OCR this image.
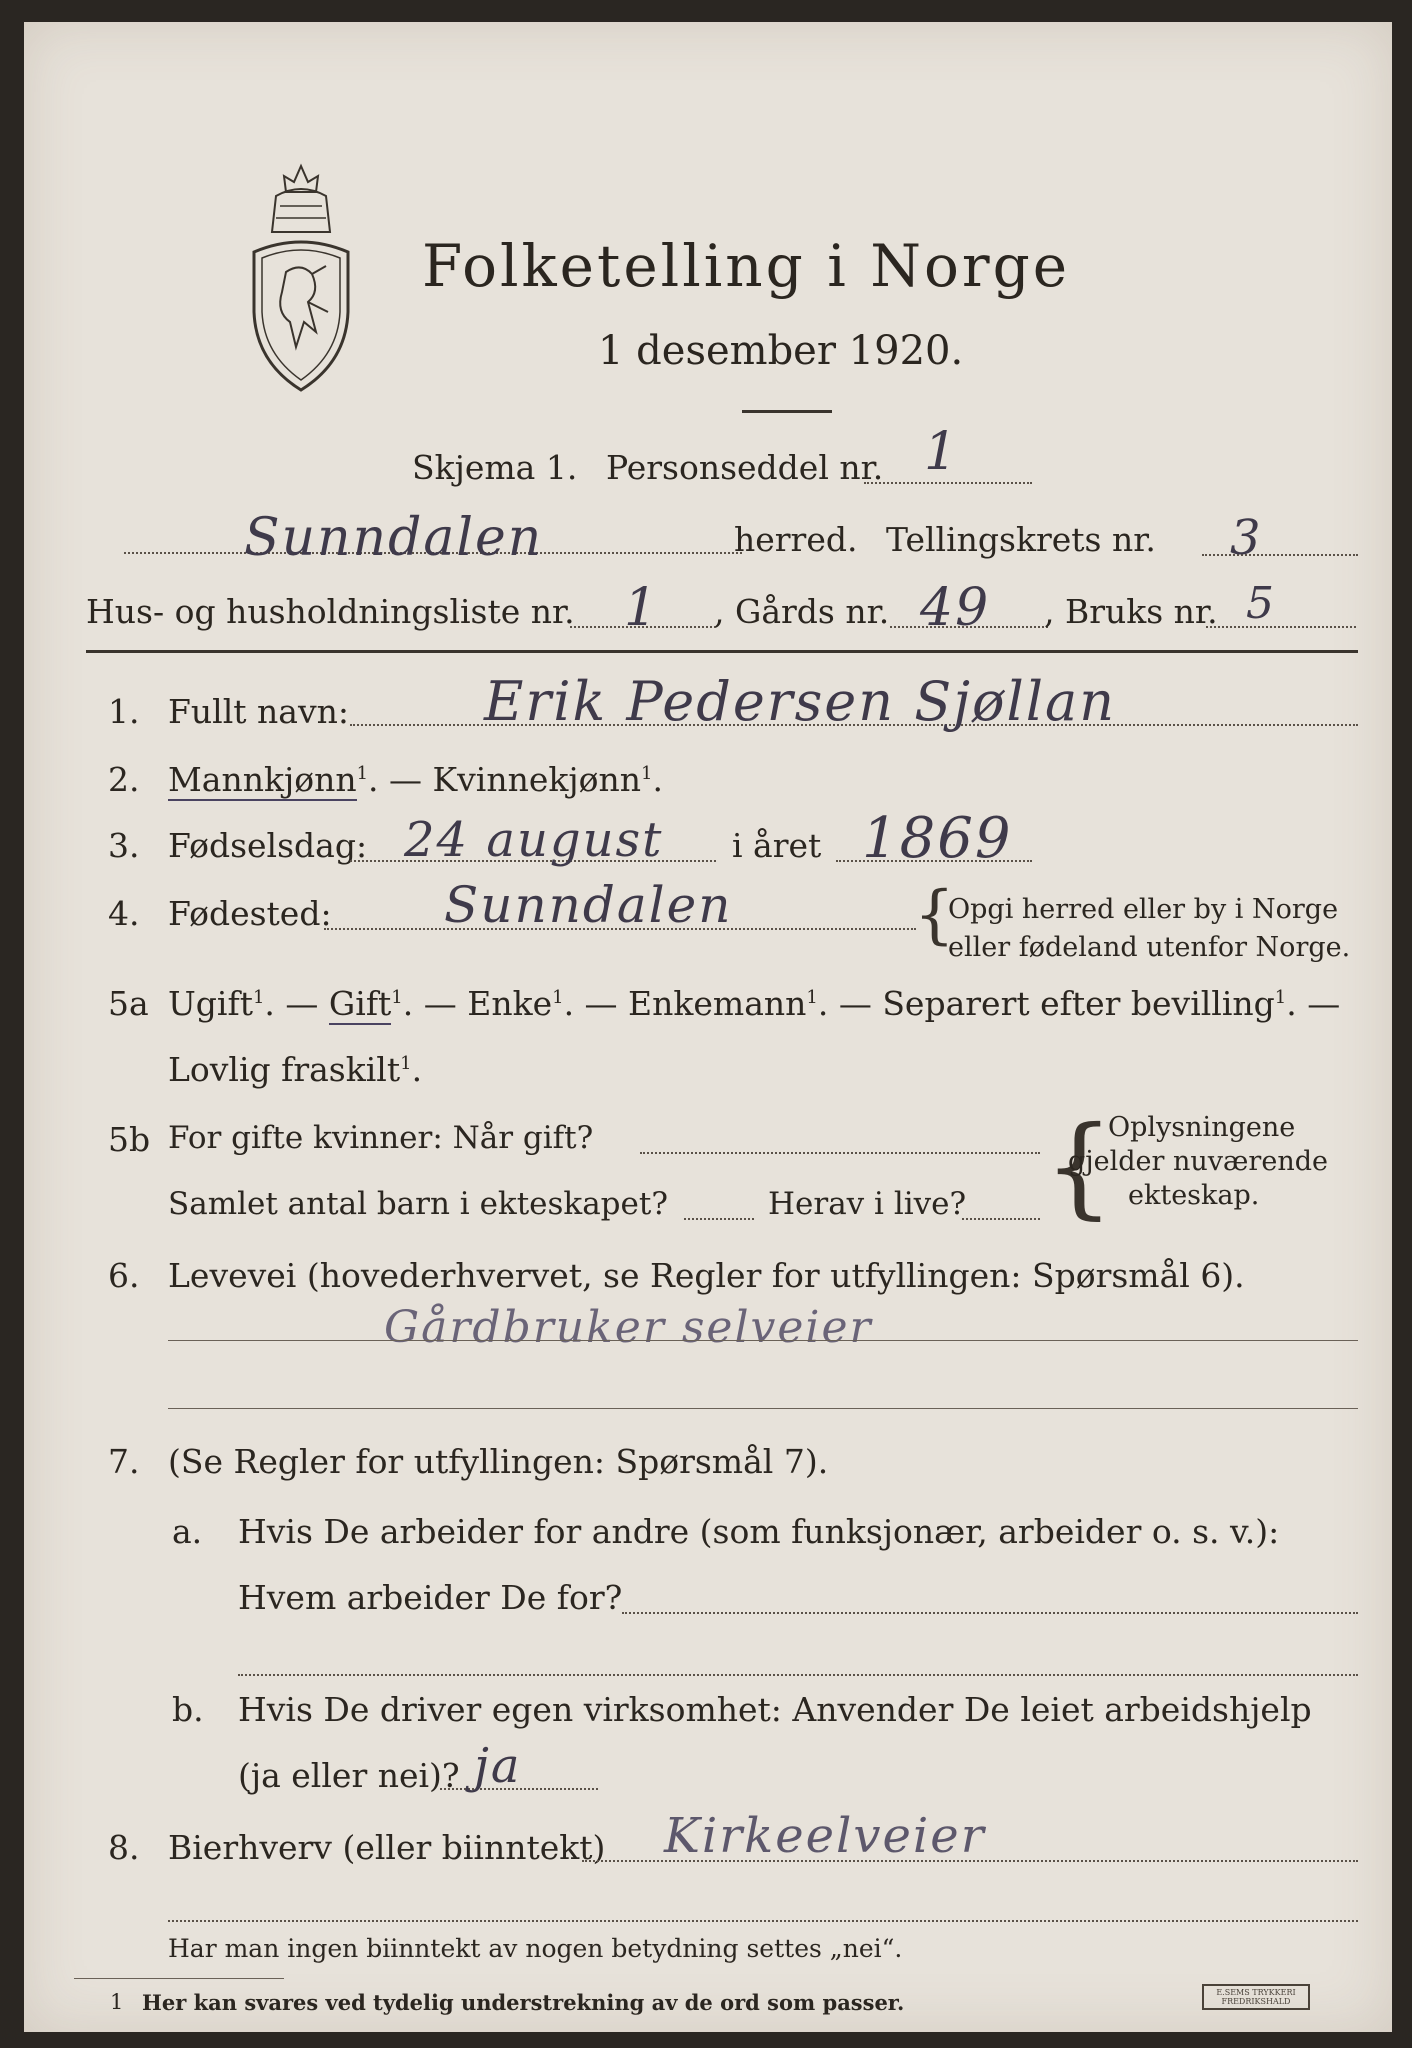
Folketelling i Norge
1 desember 1920.
Skjema 1. Personseddel nr. 1
Sunndalen	herred. Tellingskrets nr. 3
Hus- og husholdningsliste nr. 1 , Gårds nr. 49 , Bruks nr. 5
1. Fullt navn:	Erik Pedersen Sjøllan
2. Mannkjønn$^1$. — Kvinnekjønn$^1$.
3. Fødselsdag: 24 august i året 1869
4. Fødested: Sunndalen	{
Opgi herred eller by i Norge
eller fødeland utenfor Norge.
5a Ugift$^1$. — Gift$^1$. — Enke$^1$. — Enkemann$^1$. — Separert efter bevilling$^1$. —
Lovlig fraskilt$^1$.
5b For gifte kvinner: Når gift?
Samlet antal barn i ekteskapet?	Herav i live? {
Oplysningene
gjelder nuværende
ekteskap.
6. Levevei (hovederhvervet, se Regler for utfyllingen: Spørsmål 6).
Gårdbruker selveier
7. (Se Regler for utfyllingen: Spørsmål 7).
a. Hvis De arbeider for andre (som funksjonær, arbeider o. s. v.):
Hvem arbeider De for?
b. Hvis De driver egen virksomhet: Anvender De leiet arbeidshjelp
(ja eller nei)? ja
8. Bierhverv (eller biinntekt) Kirkeelveier
Har man ingen biinntekt av nogen betydning settes „nei“.
1 Her kan svares ved tydelig understrekning av de ord som passer.	E.SEMS TRYKKERI
FREDRIKSHALD
